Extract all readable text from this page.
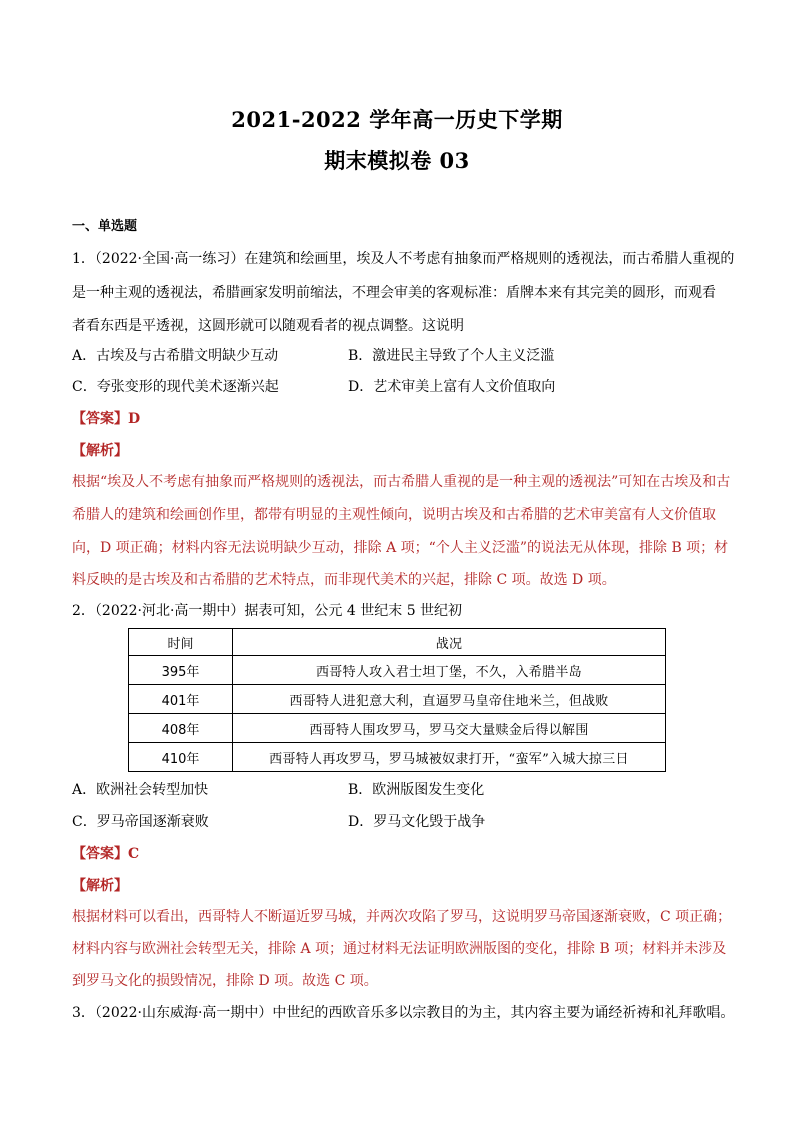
2021-2022 学年高一历史下学期
期末模拟卷 03
一、单选题
1．（2022·全国·高一练习）在建筑和绘画里，埃及人不考虑有抽象而严格规则的透视法，而古希腊人重视的
是一种主观的透视法，希腊画家发明前缩法，不理会审美的客观标准：盾牌本来有其完美的圆形，而观看
者看东西是平透视，这圆形就可以随观看者的视点调整。这说明
A．古埃及与古希腊文明缺少互动	B．激进民主导致了个人主义泛滥
C．夸张变形的现代美术逐渐兴起	D．艺术审美上富有人文价值取向
【答案】D
【解析】
根据“埃及人不考虑有抽象而严格规则的透视法，而古希腊人重视的是一种主观的透视法”可知在古埃及和古
希腊人的建筑和绘画创作里，都带有明显的主观性倾向，说明古埃及和古希腊的艺术审美富有人文价值取
向，D 项正确；材料内容无法说明缺少互动，排除 A 项；“个人主义泛滥”的说法无从体现，排除 B 项；材
料反映的是古埃及和古希腊的艺术特点，而非现代美术的兴起，排除 C 项。故选 D 项。
2．（2022·河北·高一期中）据表可知，公元 4 世纪末 5 世纪初
时间	战况
395年	西哥特人攻入君士坦丁堡，不久，入希腊半岛
401年	西哥特人进犯意大利，直逼罗马皇帝住地米兰，但战败
408年	西哥特人围攻罗马，罗马交大量赎金后得以解围
410年	西哥特人再攻罗马，罗马城被奴隶打开，“蛮军”入城大掠三日
A．欧洲社会转型加快	B．欧洲版图发生变化
C．罗马帝国逐渐衰败	D．罗马文化毁于战争
【答案】C
【解析】
根据材料可以看出，西哥特人不断逼近罗马城，并两次攻陷了罗马，这说明罗马帝国逐渐衰败，C 项正确；
材料内容与欧洲社会转型无关，排除 A 项；通过材料无法证明欧洲版图的变化，排除 B 项；材料并未涉及
到罗马文化的损毁情况，排除 D 项。故选 C 项。
3．（2022·山东威海·高一期中）中世纪的西欧音乐多以宗教目的为主，其内容主要为诵经祈祷和礼拜歌唱。
